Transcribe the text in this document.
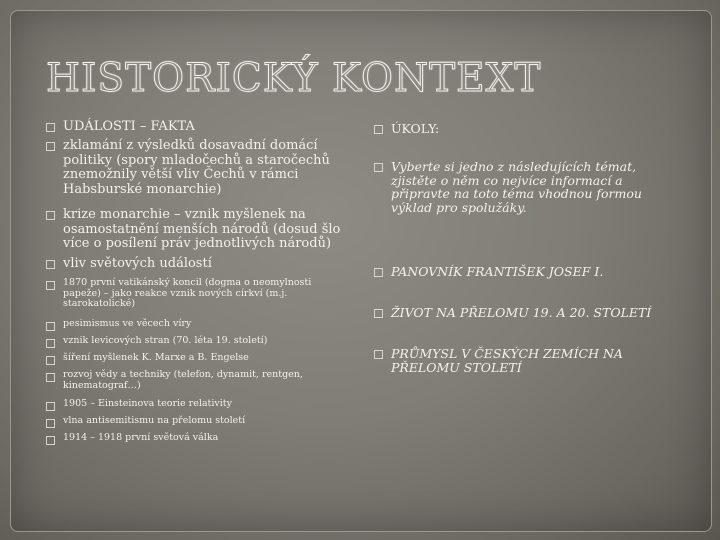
HISTORICKÝ KONTEXT
UDÁLOSTI – FAKTA
zklamání z výsledků dosavadní domácí politiky (spory mladočechů a staročechů znemožnily větší vliv Čechů v rámci Habsburské monarchie)
krize monarchie – vznik myšlenek na osamostatnění menších národů (dosud šlo více o posílení práv jednotlivých národů)
vliv světových událostí
1870 první vatikánský koncil (dogma o neomylnosti papeže) – jako reakce vznik nových církví (m.j. starokatolické)
pesimismus ve věcech víry
vznik levicových stran (70. léta 19. století)
šíření myšlenek K. Marxe a B. Engelse
rozvoj vědy a techniky (telefon, dynamit, rentgen, kinematograf…)
1905 – Einsteinova teorie relativity
vlna antisemitismu na přelomu století
1914 – 1918 první světová válka
ÚKOLY:
Vyberte si jedno z následujících témat, zjistěte o něm co nejvíce informací a připravte na toto téma vhodnou formou výklad pro spolužáky.
PANOVNÍK FRANTIŠEK JOSEF I.
ŽIVOT NA PŘELOMU 19. A 20. STOLETÍ
PRŮMYSL V ČESKÝCH ZEMÍCH NA PŘELOMU STOLETÍ
